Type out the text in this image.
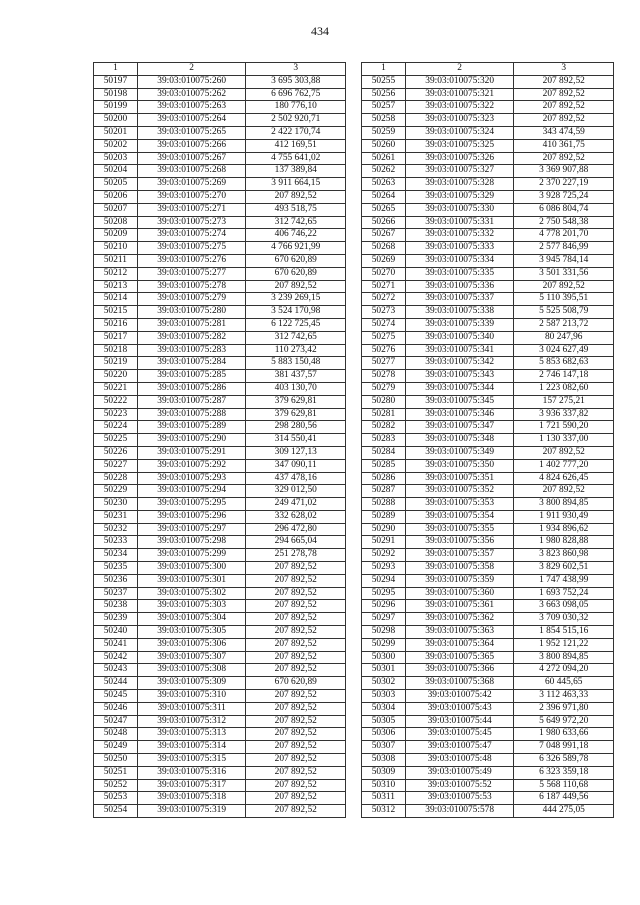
434
1	2	3
50197	39:03:010075:260	3 695 303,88
50198	39:03:010075:262	6 696 762,75
50199	39:03:010075:263	180 776,10
50200	39:03:010075:264	2 502 920,71
50201	39:03:010075:265	2 422 170,74
50202	39:03:010075:266	412 169,51
50203	39:03:010075:267	4 755 641,02
50204	39:03:010075:268	137 389,84
50205	39:03:010075:269	3 911 664,15
50206	39:03:010075:270	207 892,52
50207	39:03:010075:271	493 518,75
50208	39:03:010075:273	312 742,65
50209	39:03:010075:274	406 746,22
50210	39:03:010075:275	4 766 921,99
50211	39:03:010075:276	670 620,89
50212	39:03:010075:277	670 620,89
50213	39:03:010075:278	207 892,52
50214	39:03:010075:279	3 239 269,15
50215	39:03:010075:280	3 524 170,98
50216	39:03:010075:281	6 122 725,45
50217	39:03:010075:282	312 742,65
50218	39:03:010075:283	110 273,42
50219	39:03:010075:284	5 883 150,48
50220	39:03:010075:285	381 437,57
50221	39:03:010075:286	403 130,70
50222	39:03:010075:287	379 629,81
50223	39:03:010075:288	379 629,81
50224	39:03:010075:289	298 280,56
50225	39:03:010075:290	314 550,41
50226	39:03:010075:291	309 127,13
50227	39:03:010075:292	347 090,11
50228	39:03:010075:293	437 478,16
50229	39:03:010075:294	329 012,50
50230	39:03:010075:295	249 471,02
50231	39:03:010075:296	332 628,02
50232	39:03:010075:297	296 472,80
50233	39:03:010075:298	294 665,04
50234	39:03:010075:299	251 278,78
50235	39:03:010075:300	207 892,52
50236	39:03:010075:301	207 892,52
50237	39:03:010075:302	207 892,52
50238	39:03:010075:303	207 892,52
50239	39:03:010075:304	207 892,52
50240	39:03:010075:305	207 892,52
50241	39:03:010075:306	207 892,52
50242	39:03:010075:307	207 892,52
50243	39:03:010075:308	207 892,52
50244	39:03:010075:309	670 620,89
50245	39:03:010075:310	207 892,52
50246	39:03:010075:311	207 892,52
50247	39:03:010075:312	207 892,52
50248	39:03:010075:313	207 892,52
50249	39:03:010075:314	207 892,52
50250	39:03:010075:315	207 892,52
50251	39:03:010075:316	207 892,52
50252	39:03:010075:317	207 892,52
50253	39:03:010075:318	207 892,52
50254	39:03:010075:319	207 892,52
1	2	3
50255	39:03:010075:320	207 892,52
50256	39:03:010075:321	207 892,52
50257	39:03:010075:322	207 892,52
50258	39:03:010075:323	207 892,52
50259	39:03:010075:324	343 474,59
50260	39:03:010075:325	410 361,75
50261	39:03:010075:326	207 892,52
50262	39:03:010075:327	3 369 907,88
50263	39:03:010075:328	2 370 227,19
50264	39:03:010075:329	3 928 725,24
50265	39:03:010075:330	6 086 804,74
50266	39:03:010075:331	2 750 548,38
50267	39:03:010075:332	4 778 201,70
50268	39:03:010075:333	2 577 846,99
50269	39:03:010075:334	3 945 784,14
50270	39:03:010075:335	3 501 331,56
50271	39:03:010075:336	207 892,52
50272	39:03:010075:337	5 110 395,51
50273	39:03:010075:338	5 525 508,79
50274	39:03:010075:339	2 587 213,72
50275	39:03:010075:340	80 247,96
50276	39:03:010075:341	3 024 627,49
50277	39:03:010075:342	5 853 682,63
50278	39:03:010075:343	2 746 147,18
50279	39:03:010075:344	1 223 082,60
50280	39:03:010075:345	157 275,21
50281	39:03:010075:346	3 936 337,82
50282	39:03:010075:347	1 721 590,20
50283	39:03:010075:348	1 130 337,00
50284	39:03:010075:349	207 892,52
50285	39:03:010075:350	1 402 777,20
50286	39:03:010075:351	4 824 626,45
50287	39:03:010075:352	207 892,52
50288	39:03:010075:353	3 800 894,85
50289	39:03:010075:354	1 911 930,49
50290	39:03:010075:355	1 934 896,62
50291	39:03:010075:356	1 980 828,88
50292	39:03:010075:357	3 823 860,98
50293	39:03:010075:358	3 829 602,51
50294	39:03:010075:359	1 747 438,99
50295	39:03:010075:360	1 693 752,24
50296	39:03:010075:361	3 663 098,05
50297	39:03:010075:362	3 709 030,32
50298	39:03:010075:363	1 854 515,16
50299	39:03:010075:364	1 952 121,22
50300	39:03:010075:365	3 800 894,85
50301	39:03:010075:366	4 272 094,20
50302	39:03:010075:368	60 445,65
50303	39:03:010075:42	3 112 463,33
50304	39:03:010075:43	2 396 971,80
50305	39:03:010075:44	5 649 972,20
50306	39:03:010075:45	1 980 633,66
50307	39:03:010075:47	7 048 991,18
50308	39:03:010075:48	6 326 589,78
50309	39:03:010075:49	6 323 359,18
50310	39:03:010075:52	5 568 110,68
50311	39:03:010075:53	6 187 449,56
50312	39:03:010075:578	444 275,05
